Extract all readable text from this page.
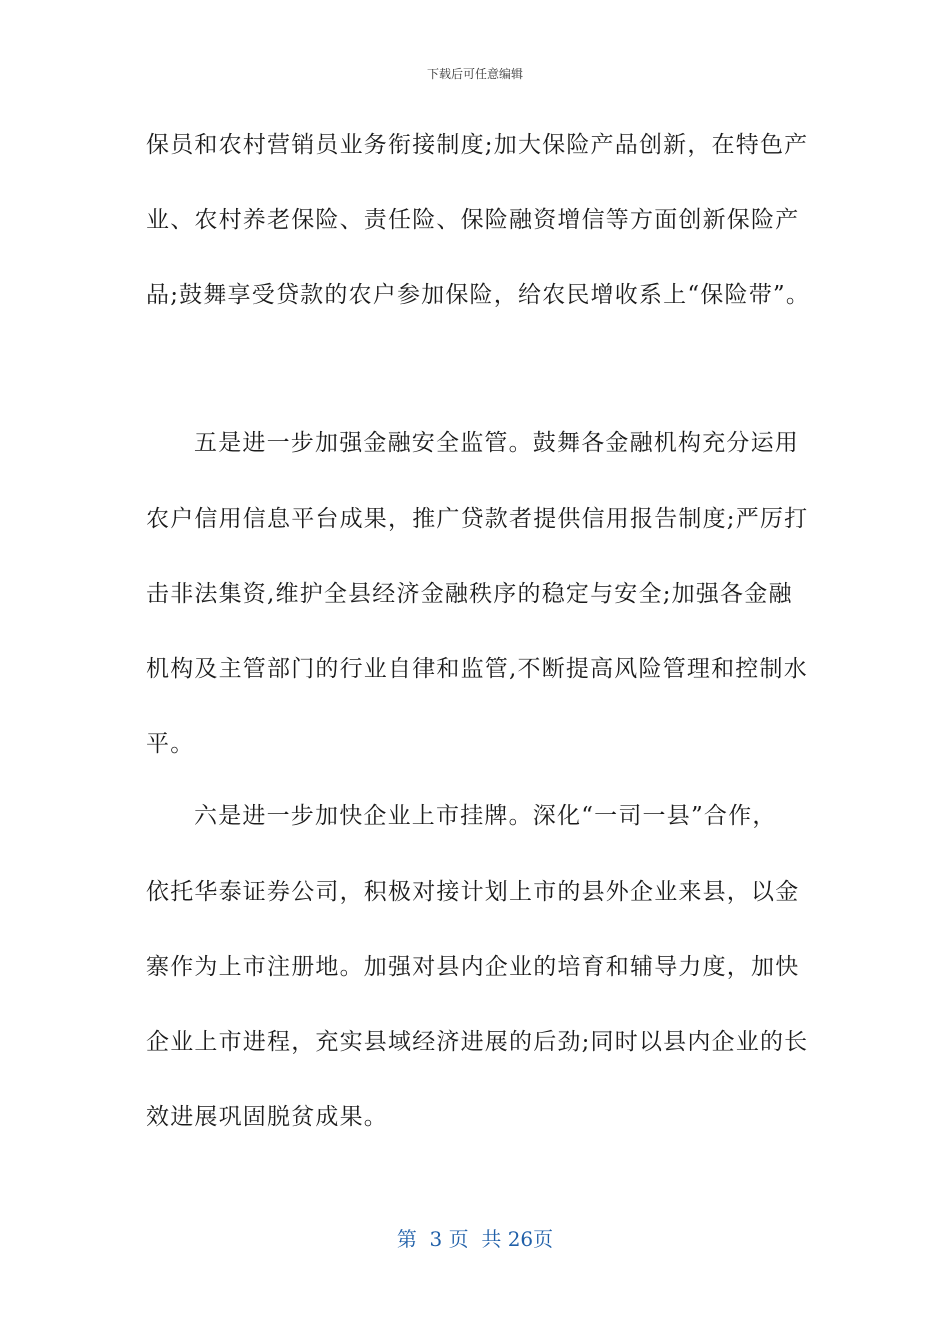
下载后可任意编辑
保员和农村营销员业务衔接制度;加大保险产品创新，在特色产
业、农村养老保险、责任险、保险融资增信等方面创新保险产
品;鼓舞享受贷款的农户参加保险，给农民增收系上“保险带”。
五是进一步加强金融安全监管。鼓舞各金融机构充分运用
农户信用信息平台成果，推广贷款者提供信用报告制度;严厉打
击非法集资,维护全县经济金融秩序的稳定与安全;加强各金融
机构及主管部门的行业自律和监管,不断提高风险管理和控制水
平。
六是进一步加快企业上市挂牌。深化“一司一县”合作，
依托华泰证券公司，积极对接计划上市的县外企业来县，以金
寨作为上市注册地。加强对县内企业的培育和辅导力度，加快
企业上市进程，充实县域经济进展的后劲;同时以县内企业的长
效进展巩固脱贫成果。
第  3 页  共 26页
